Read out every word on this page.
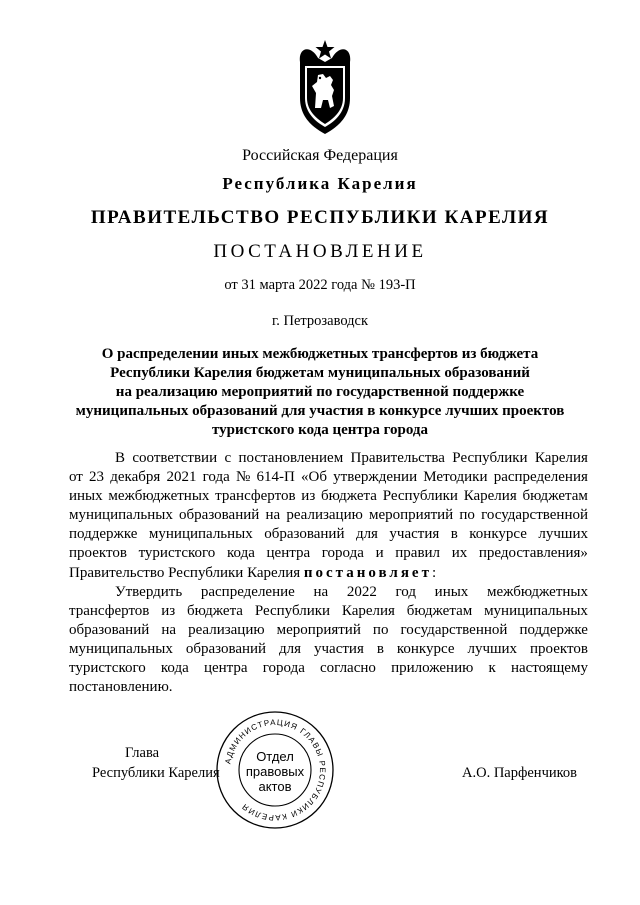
Российская Федерация
Республика Карелия
ПРАВИТЕЛЬСТВО РЕСПУБЛИКИ КАРЕЛИЯ
ПОСТАНОВЛЕНИЕ
от 31 марта 2022 года № 193-П
г. Петрозаводск
О распределении иных межбюджетных трансфертов из бюджета
Республики Карелия бюджетам муниципальных образований
на реализацию мероприятий по государственной поддержке
муниципальных образований для участия в конкурсе лучших проектов
туристского кода центра города
В соответствии с постановлением Правительства Республики Карелия
от 23 декабря 2021 года № 614-П «Об утверждении Методики распределения
иных межбюджетных трансфертов из бюджета Республики Карелия бюджетам
муниципальных образований на реализацию мероприятий по государственной
поддержке муниципальных образований для участия в конкурсе лучших
проектов туристского кода центра города и правил их предоставления»
Правительство Республики Карелия постановляет:
Утвердить распределение на 2022 год иных межбюджетных
трансфертов из бюджета Республики Карелия бюджетам муниципальных
образований на реализацию мероприятий по государственной поддержке
муниципальных образований для участия в конкурсе лучших проектов
туристского кода центра города согласно приложению к настоящему
постановлению.
Глава
Республики Карелия	А.О. Парфенчиков
АДМИНИСТРАЦИЯ ГЛАВЫ РЕСПУБЛИКИ КАРЕЛИЯ
Отдел
правовых
актов
